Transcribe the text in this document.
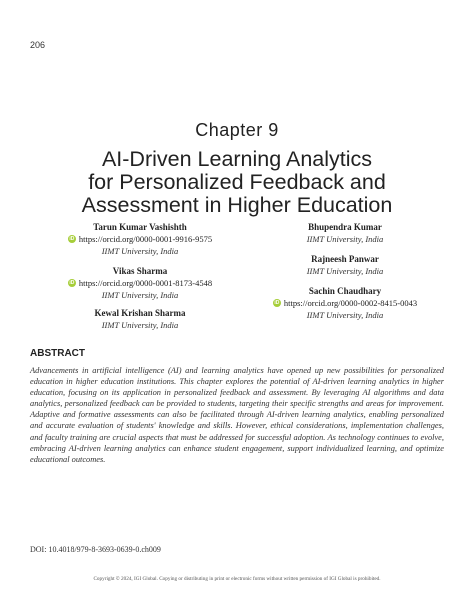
206
Chapter 9
AI-Driven Learning Analytics
for Personalized Feedback and
Assessment in Higher Education
Tarun Kumar Vashishth
iD https://orcid.org/0000-0001-9916-9575
IIMT University, India
Vikas Sharma
iD https://orcid.org/0000-0001-8173-4548
IIMT University, India
Kewal Krishan Sharma
IIMT University, India
Bhupendra Kumar
IIMT University, India
Rajneesh Panwar
IIMT University, India
Sachin Chaudhary
iD https://orcid.org/0000-0002-8415-0043
IIMT University, India
ABSTRACT
Advancements in artificial intelligence (AI) and learning analytics have opened up new possibilities for personalized education in higher education institutions. This chapter explores the potential of AI-driven learning analytics in higher education, focusing on its application in personalized feedback and assessment. By leveraging AI algorithms and data analytics, personalized feedback can be provided to students, targeting their specific strengths and areas for improvement. Adaptive and formative assessments can also be facilitated through AI-driven learning analytics, enabling personalized and accurate evaluation of students' knowledge and skills. However, ethical considerations, implementation challenges, and faculty training are crucial aspects that must be addressed for successful adoption. As technology continues to evolve, embracing AI-driven learning analytics can enhance student engagement, support individualized learning, and optimize educational outcomes.
DOI: 10.4018/979-8-3693-0639-0.ch009
Copyright © 2024, IGI Global. Copying or distributing in print or electronic forms without written permission of IGI Global is prohibited.
